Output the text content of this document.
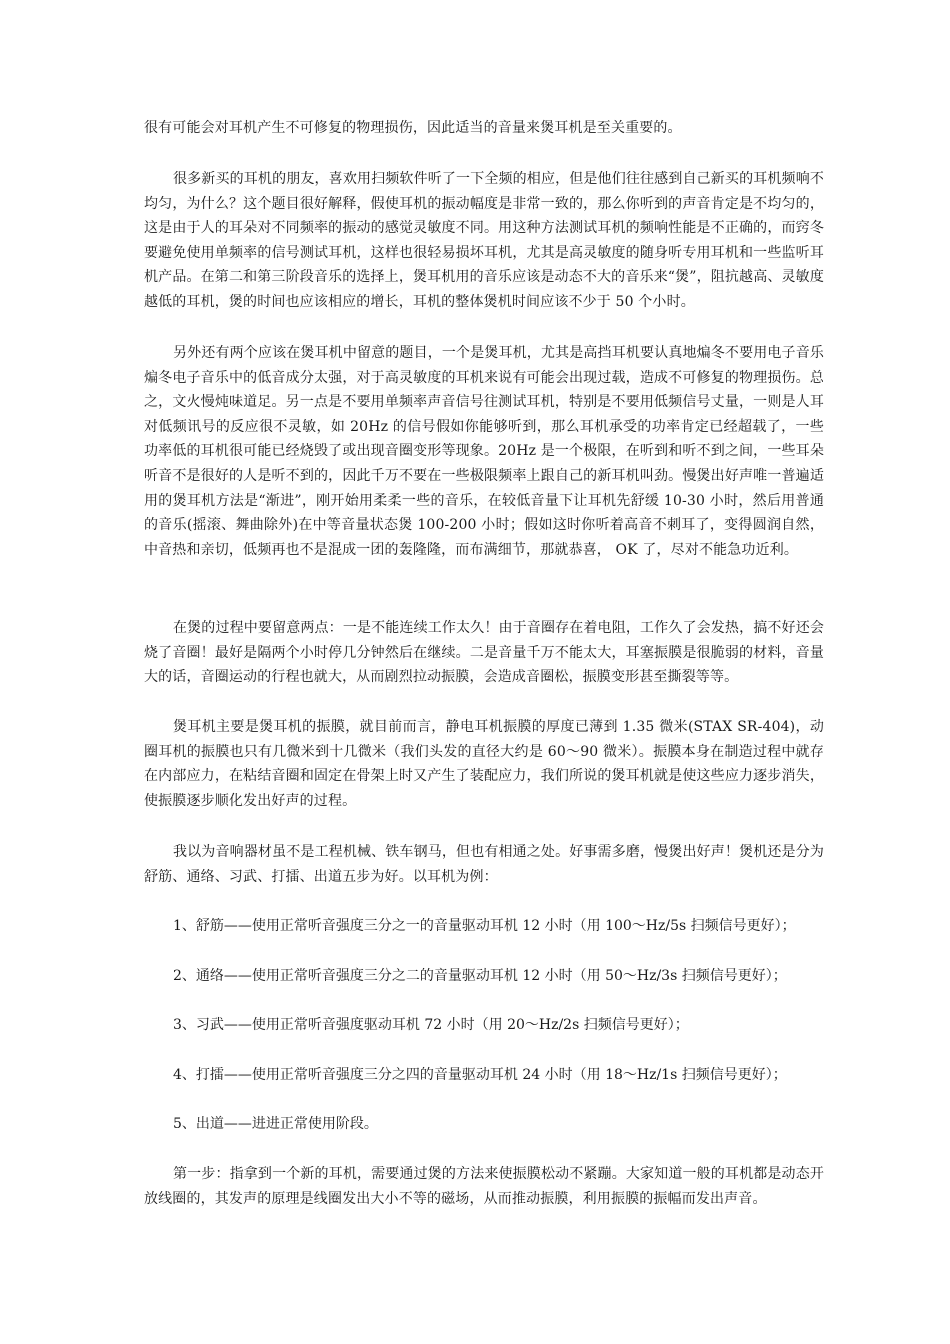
很有可能会对耳机产生不可修复的物理损伤，因此适当的音量来煲耳机是至关重要的。

很多新买的耳机的朋友，喜欢用扫频软件听了一下全频的相应，但是他们往往感到自己新买的耳机频响不均匀，为什么？这个题目很好解释，假使耳机的振动幅度是非常一致的，那么你听到的声音肯定是不均匀的，这是由于人的耳朵对不同频率的振动的感觉灵敏度不同。用这种方法测试耳机的频响性能是不正确的，而窍冬要避免使用单频率的信号测试耳机，这样也很轻易损坏耳机，尤其是高灵敏度的随身听专用耳机和一些监听耳机产品。在第二和第三阶段音乐的选择上，煲耳机用的音乐应该是动态不大的音乐来“煲”，阻抗越高、灵敏度越低的耳机，煲的时间也应该相应的增长，耳机的整体煲机时间应该不少于 50 个小时。

另外还有两个应该在煲耳机中留意的题目，一个是煲耳机，尤其是高挡耳机要认真地煸冬不要用电子音乐煸冬电子音乐中的低音成分太强，对于高灵敏度的耳机来说有可能会出现过载，造成不可修复的物理损伤。总之，文火慢炖味道足。另一点是不要用单频率声音信号往测试耳机，特别是不要用低频信号丈量，一则是人耳对低频讯号的反应很不灵敏，如 20Hz 的信号假如你能够听到，那么耳机承受的功率肯定已经超载了，一些功率低的耳机很可能已经烧毁了或出现音圈变形等现象。20Hz 是一个极限，在听到和听不到之间，一些耳朵听音不是很好的人是听不到的，因此千万不要在一些极限频率上跟自己的新耳机叫劲。慢煲出好声唯一普遍适用的煲耳机方法是“渐进”，刚开始用柔柔一些的音乐，在较低音量下让耳机先舒缓 10-30 小时，然后用普通的音乐(摇滚、舞曲除外)在中等音量状态煲 100-200 小时；假如这时你听着高音不刺耳了，变得圆润自然，中音热和亲切，低频再也不是混成一团的轰隆隆，而布满细节，那就恭喜， OK 了，尽对不能急功近利。

在煲的过程中要留意两点：一是不能连续工作太久！由于音圈存在着电阻，工作久了会发热，搞不好还会烧了音圈！最好是隔两个小时停几分钟然后在继续。二是音量千万不能太大，耳塞振膜是很脆弱的材料，音量大的话，音圈运动的行程也就大，从而剧烈拉动振膜，会造成音圈松，振膜变形甚至撕裂等等。

煲耳机主要是煲耳机的振膜，就目前而言，静电耳机振膜的厚度已薄到 1.35 微米(STAX SR-404)，动圈耳机的振膜也只有几微米到十几微米（我们头发的直径大约是 60～90 微米）。振膜本身在制造过程中就存在内部应力，在粘结音圈和固定在骨架上时又产生了装配应力，我们所说的煲耳机就是使这些应力逐步消失，使振膜逐步顺化发出好声的过程。

我以为音响器材虽不是工程机械、铁车钢马，但也有相通之处。好事需多磨，慢煲出好声！煲机还是分为舒筋、通络、习武、打擂、出道五步为好。以耳机为例：

1、舒筋——使用正常听音强度三分之一的音量驱动耳机 12 小时（用 100～Hz/5s 扫频信号更好）；

2、通络——使用正常听音强度三分之二的音量驱动耳机 12 小时（用 50～Hz/3s 扫频信号更好）；

3、习武——使用正常听音强度驱动耳机 72 小时（用 20～Hz/2s 扫频信号更好）；

4、打擂——使用正常听音强度三分之四的音量驱动耳机 24 小时（用 18～Hz/1s 扫频信号更好）；

5、出道——进进正常使用阶段。

第一步：指拿到一个新的耳机，需要通过煲的方法来使振膜松动不紧蹦。大家知道一般的耳机都是动态开放线圈的，其发声的原理是线圈发出大小不等的磁场，从而推动振膜，利用振膜的振幅而发出声音。
